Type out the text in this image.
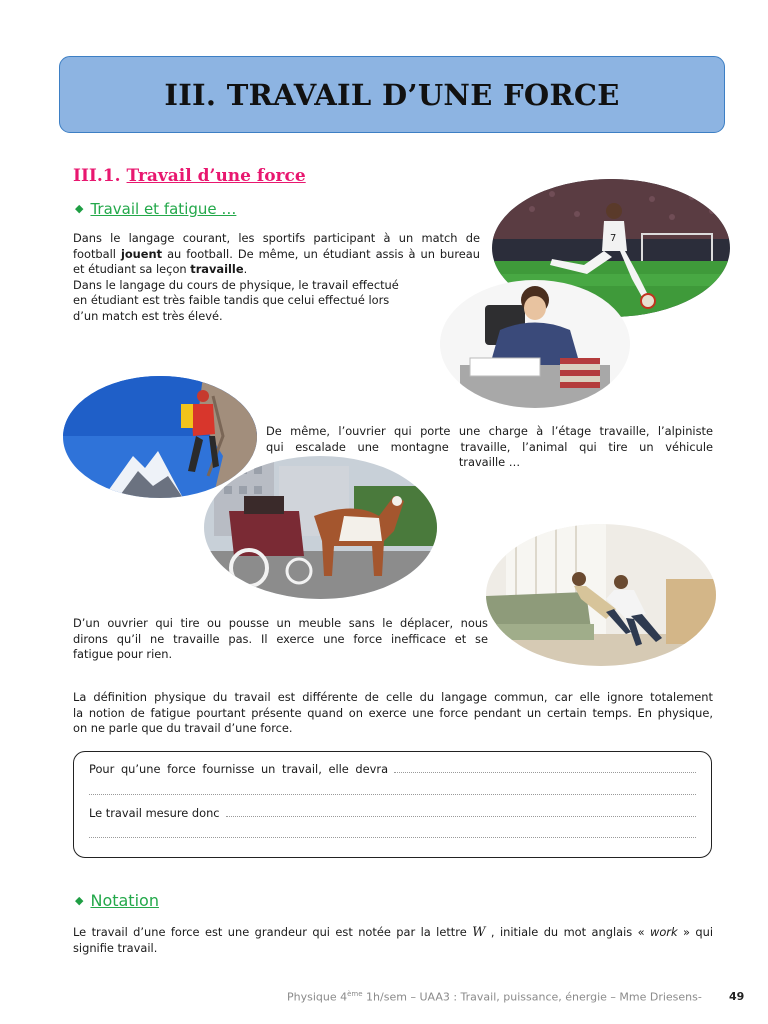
III. TRAVAIL D’UNE FORCE
III.1. Travail d’une force
◆ Travail et fatigue …
Dans le langage courant, les sportifs participant à un match de
football jouent au football. De même, un étudiant assis à un bureau
et étudiant sa leçon travaille.
Dans le langage du cours de physique, le travail effectué
en étudiant est très faible tandis que celui effectué lors
d’un match est très élevé.
7
De même, l’ouvrier qui porte une charge à l’étage travaille, l’alpiniste
qui escalade une montagne travaille, l’animal qui tire un véhicule
travaille …
D’un ouvrier qui tire ou pousse un meuble sans le déplacer, nous
dirons qu’il ne travaille pas. Il exerce une force inefficace et se
fatigue pour rien.
La définition physique du travail est différente de celle du langage commun, car elle ignore totalement
la notion de fatigue pourtant présente quand on exerce une force pendant un certain temps. En physique,
on ne parle que du travail d’une force.
Pour qu’une force fournisse un travail, elle devra
Le travail mesure donc
◆ Notation
Le travail d’une force est une grandeur qui est notée par la lettre W , initiale du mot anglais « work » qui
signifie travail.
Physique 4ème 1h/sem – UAA3 : Travail, puissance, énergie – Mme Driesens- 49
